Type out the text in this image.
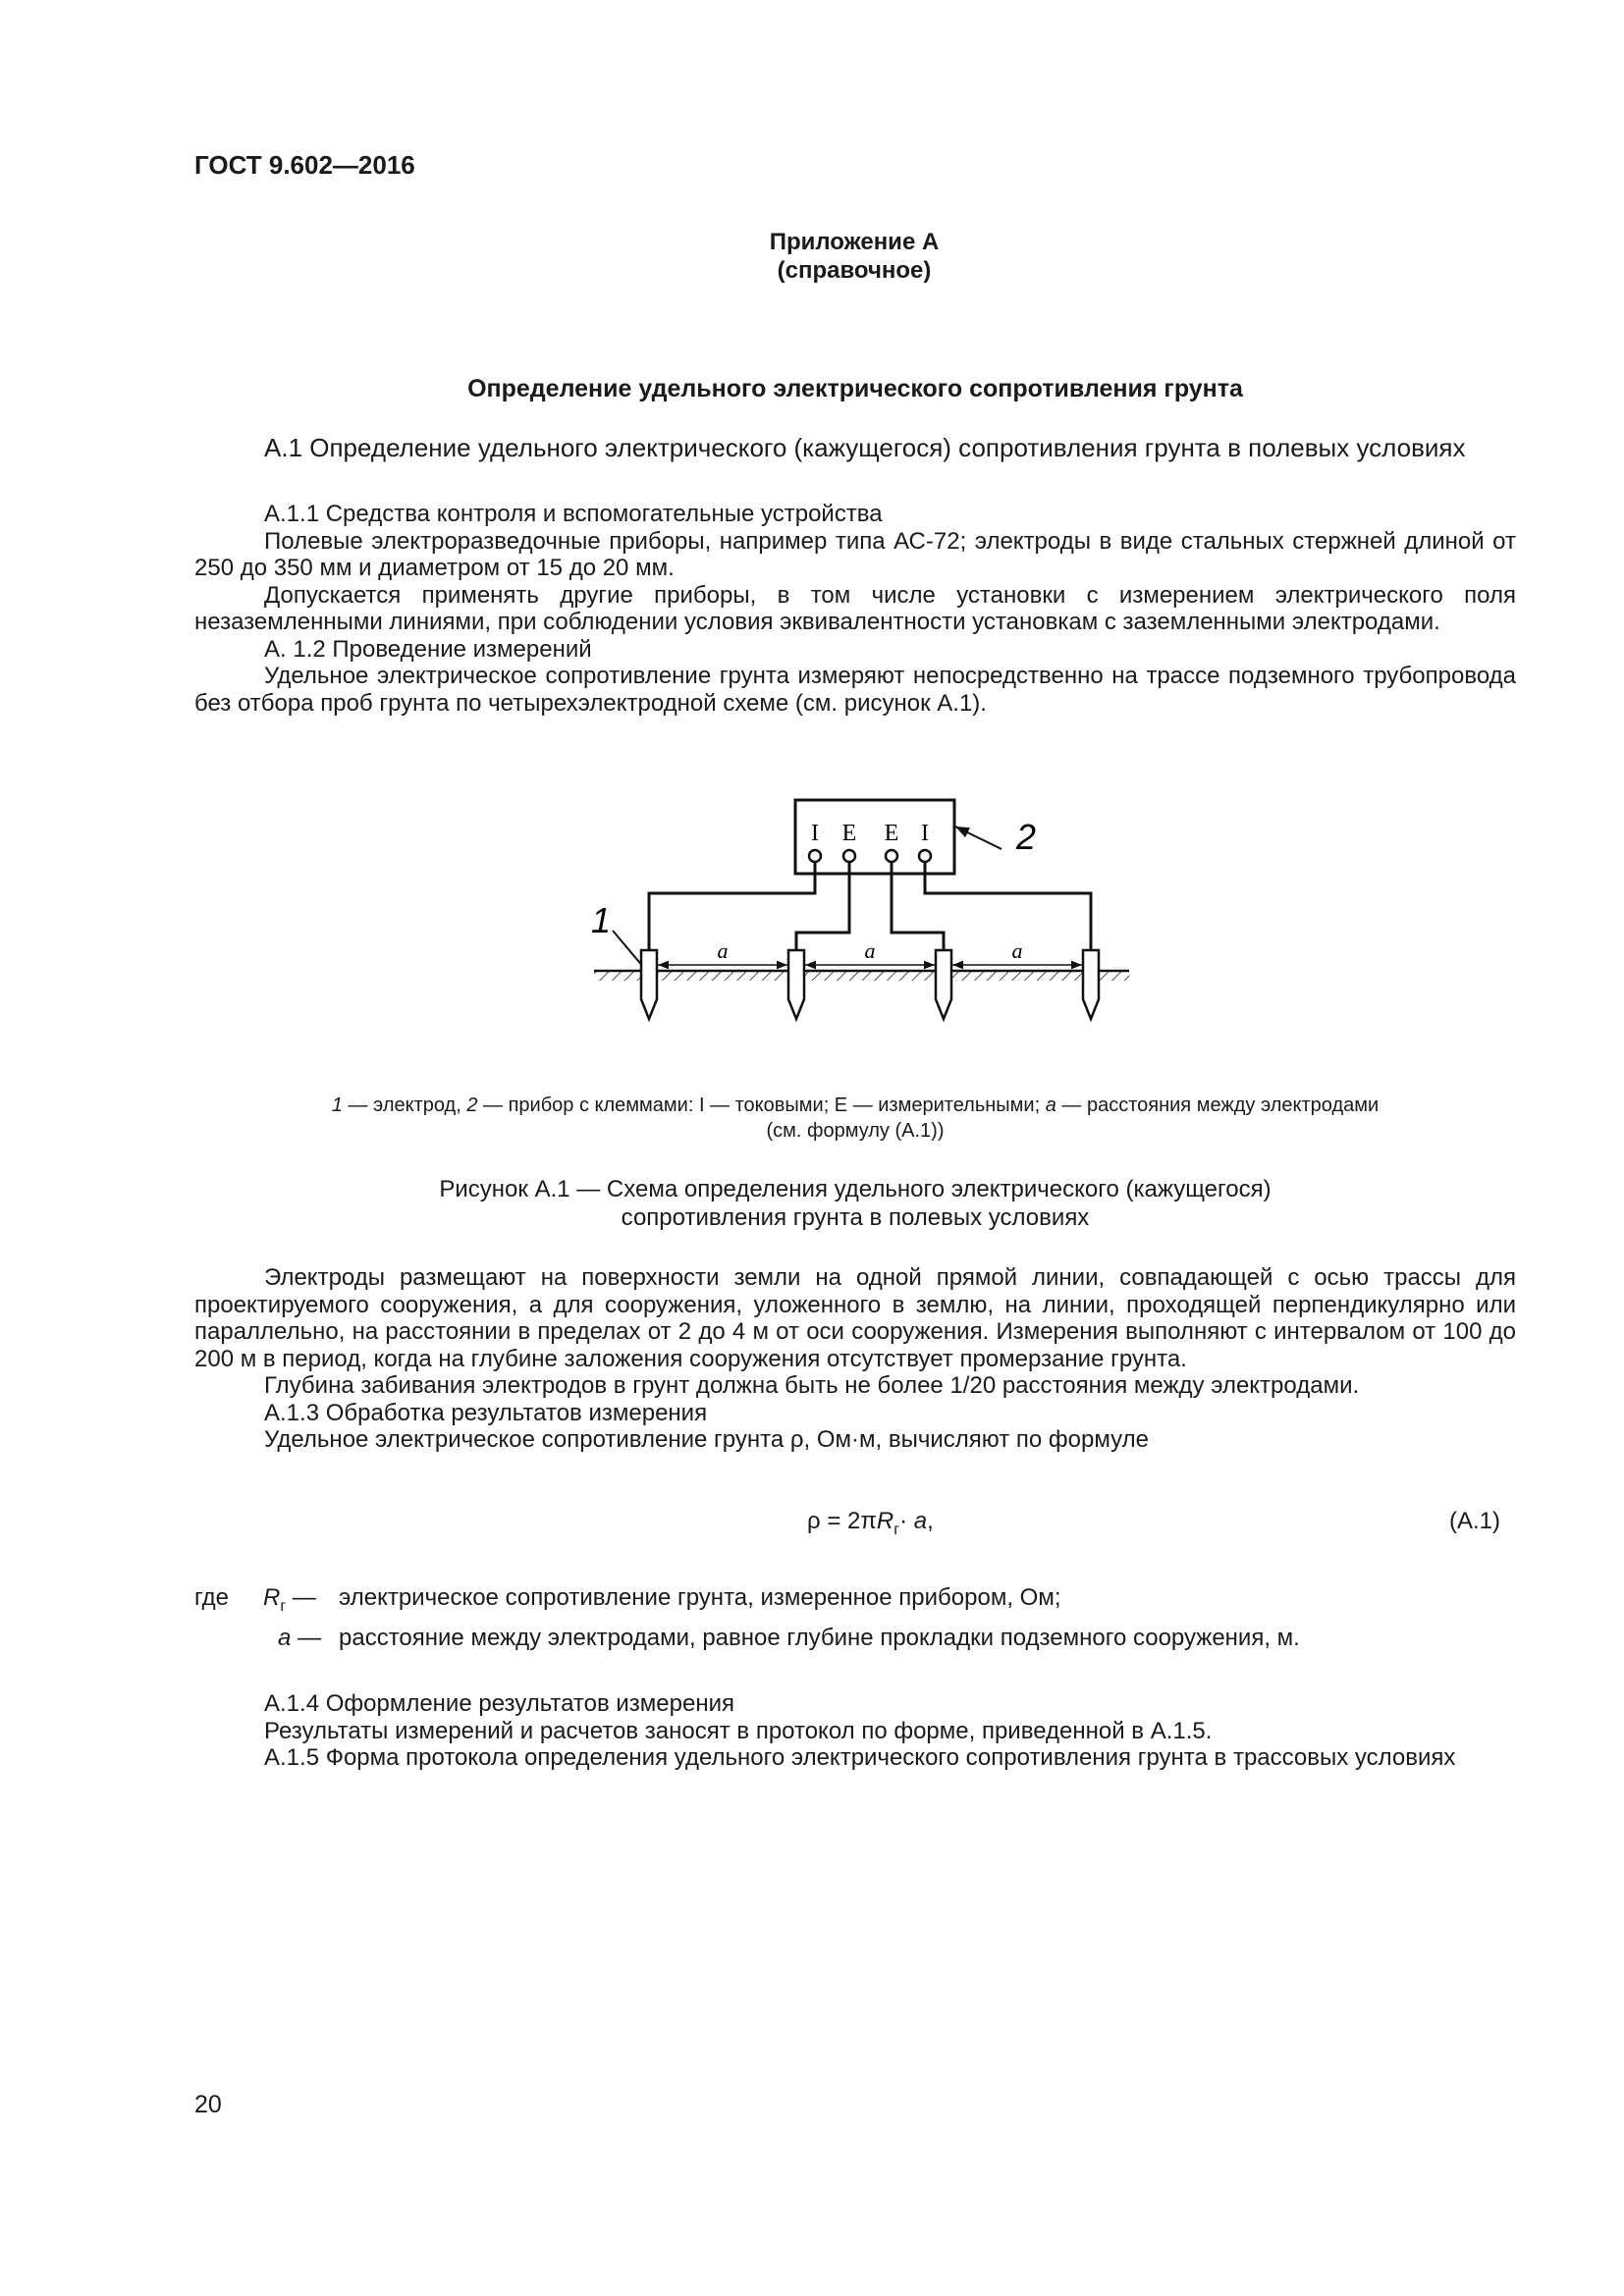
ГОСТ 9.602—2016
Приложение А
(справочное)
Определение удельного электрического сопротивления грунта
А.1 Определение удельного электрического (кажущегося) сопротивления грунта в полевых условиях
А.1.1 Средства контроля и вспомогательные устройства
Полевые электроразведочные приборы, например типа АС-72; электроды в виде стальных стержней длиной от 250 до 350 мм и диаметром от 15 до 20 мм.
Допускается применять другие приборы, в том числе установки с измерением электрического поля незаземленными линиями, при соблюдении условия эквивалентности установкам с заземленными электродами.
А. 1.2 Проведение измерений
Удельное электрическое сопротивление грунта измеряют непосредственно на трассе подземного трубопровода без отбора проб грунта по четырехэлектродной схеме (см. рисунок А.1).
I E E I 2
1
a	a	a
1 — электрод, 2 — прибор с клеммами: I — токовыми; Е — измерительными; a — расстояния между электродами
(см. формулу (А.1))
Рисунок А.1 — Схема определения удельного электрического (кажущегося)
сопротивления грунта в полевых условиях
Электроды размещают на поверхности земли на одной прямой линии, совпадающей с осью трассы для проектируемого сооружения, а для сооружения, уложенного в землю, на линии, проходящей перпендикулярно или параллельно, на расстоянии в пределах от 2 до 4 м от оси сооружения. Измерения выполняют с интервалом от 100 до 200 м в период, когда на глубине заложения сооружения отсутствует промерзание грунта.
Глубина забивания электродов в грунт должна быть не более 1/20 расстояния между электродами.
А.1.3 Обработка результатов измерения
Удельное электрическое сопротивление грунта ρ, Ом·м, вычисляют по формуле
$\rho = 2\pi R_г\cdot a$,	(А.1)
где $R_г$ — электрическое сопротивление грунта, измеренное прибором, Ом;
a — расстояние между электродами, равное глубине прокладки подземного сооружения, м.
А.1.4 Оформление результатов измерения
Результаты измерений и расчетов заносят в протокол по форме, приведенной в А.1.5.
А.1.5 Форма протокола определения удельного электрического сопротивления грунта в трассовых условиях
20
